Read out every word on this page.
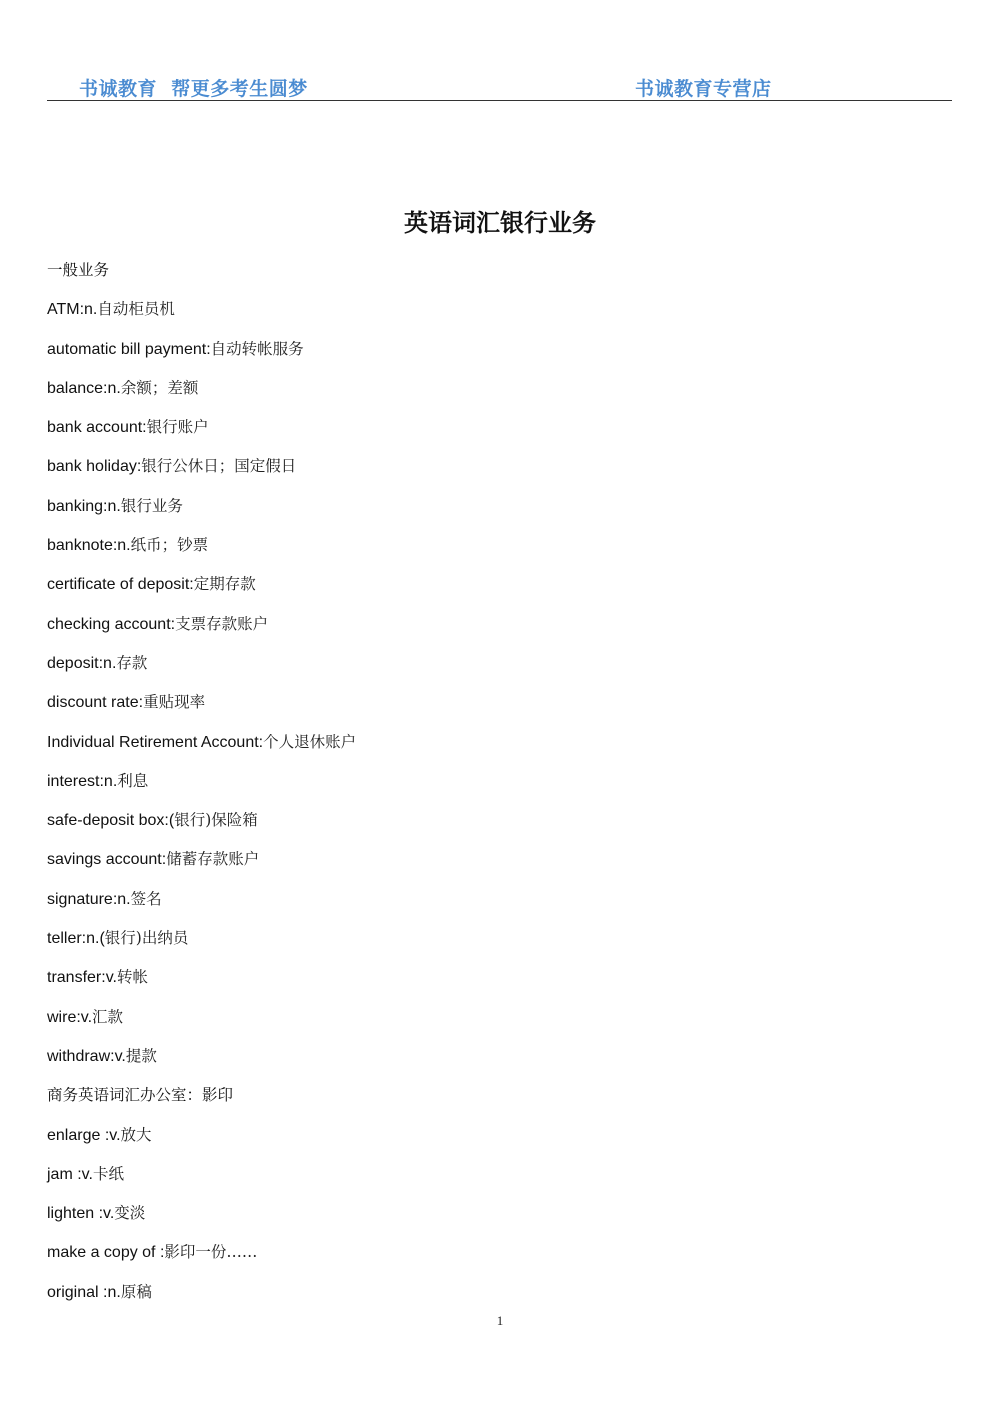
书诚教育  帮更多考生圆梦	书诚教育专营店
英语词汇银行业务
一般业务
ATM:n.自动柜员机
automatic bill payment:自动转帐服务
balance:n.余额；差额
bank account:银行账户
bank holiday:银行公休日；国定假日
banking:n.银行业务
banknote:n.纸币；钞票
certificate of deposit:定期存款
checking account:支票存款账户
deposit:n.存款
discount rate:重贴现率
Individual Retirement Account:个人退休账户
interest:n.利息
safe-deposit box:(银行)保险箱
savings account:储蓄存款账户
signature:n.签名
teller:n.(银行)出纳员
transfer:v.转帐
wire:v.汇款
withdraw:v.提款
商务英语词汇办公室：影印
enlarge :v.放大
jam :v.卡纸
lighten :v.变淡
make a copy of :影印一份……
original :n.原稿
1
